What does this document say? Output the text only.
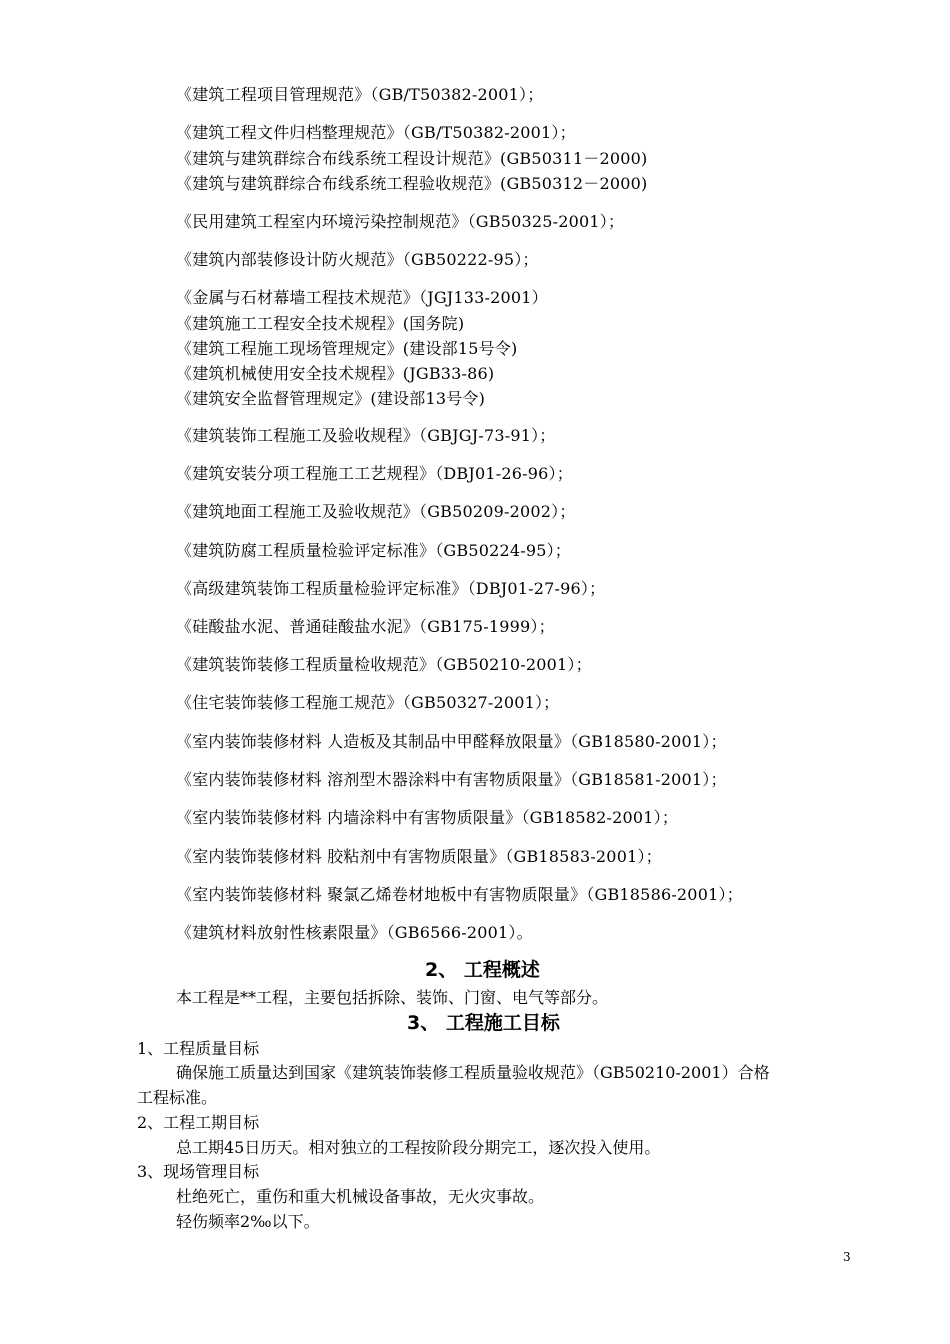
《建筑工程项目管理规范》（GB/T50382-2001）；
《建筑工程文件归档整理规范》（GB/T50382-2001）；
《建筑与建筑群综合布线系统工程设计规范》(GB50311－2000)
《建筑与建筑群综合布线系统工程验收规范》(GB50312－2000)
《民用建筑工程室内环境污染控制规范》（GB50325-2001）；
《建筑内部装修设计防火规范》（GB50222-95）；
《金属与石材幕墙工程技术规范》（JGJ133-2001）
《建筑施工工程安全技术规程》(国务院)
《建筑工程施工现场管理规定》(建设部15号令)
《建筑机械使用安全技术规程》(JGB33-86)
《建筑安全监督管理规定》(建设部13号令)
《建筑装饰工程施工及验收规程》（GBJGJ-73-91）；
《建筑安装分项工程施工工艺规程》（DBJ01-26-96）；
《建筑地面工程施工及验收规范》（GB50209-2002）；
《建筑防腐工程质量检验评定标准》（GB50224-95）；
《高级建筑装饰工程质量检验评定标准》（DBJ01-27-96）；
《硅酸盐水泥、普通硅酸盐水泥》（GB175-1999）；
《建筑装饰装修工程质量检收规范》（GB50210-2001）；
《住宅装饰装修工程施工规范》（GB50327-2001）；
《室内装饰装修材料 人造板及其制品中甲醛释放限量》（GB18580-2001）；
《室内装饰装修材料 溶剂型木器涂料中有害物质限量》（GB18581-2001）；
《室内装饰装修材料 内墙涂料中有害物质限量》（GB18582-2001）；
《室内装饰装修材料 胶粘剂中有害物质限量》（GB18583-2001）；
《室内装饰装修材料 聚氯乙烯卷材地板中有害物质限量》（GB18586-2001）；
《建筑材料放射性核素限量》（GB6566-2001）。
2、 工程概述
本工程是**工程，主要包括拆除、装饰、门窗、电气等部分。
3、 工程施工目标
1、工程质量目标
确保施工质量达到国家《建筑装饰装修工程质量验收规范》（GB50210-2001）合格
工程标准。
2、工程工期目标
总工期45日历天。相对独立的工程按阶段分期完工，逐次投入使用。
3、现场管理目标
杜绝死亡，重伤和重大机械设备事故，无火灾事故。
轻伤频率2‰以下。
3
